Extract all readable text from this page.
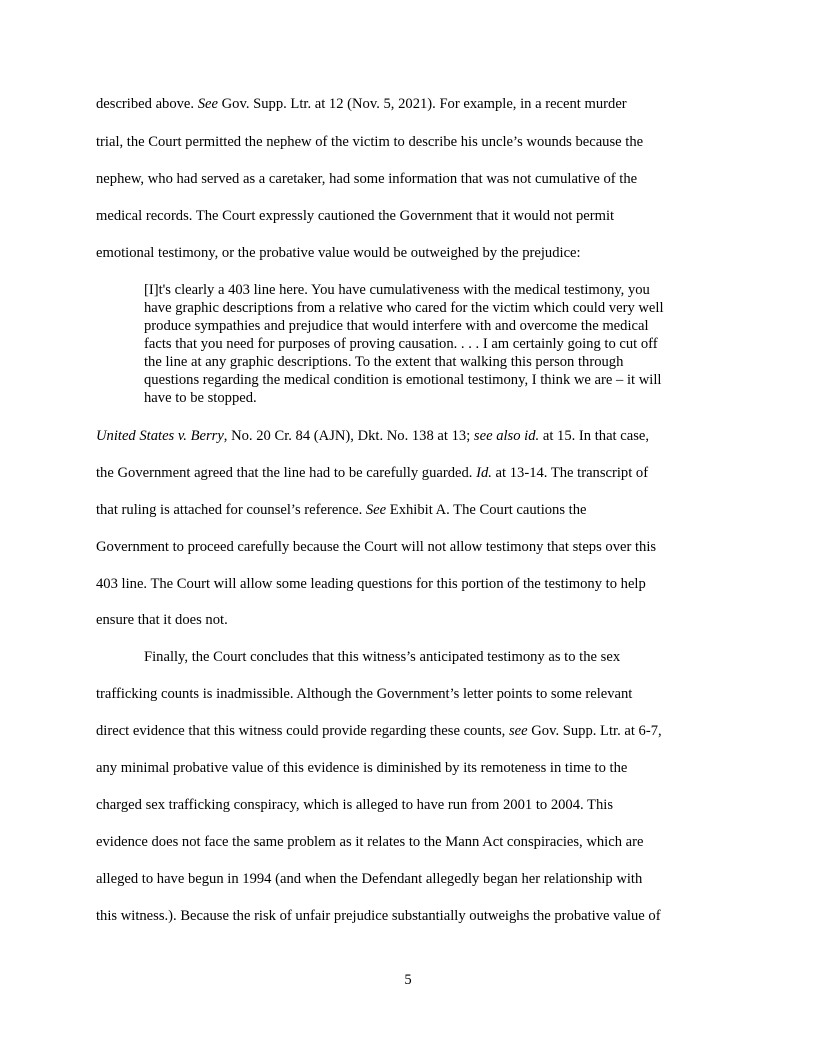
described above. See Gov. Supp. Ltr. at 12 (Nov. 5, 2021). For example, in a recent murder
trial, the Court permitted the nephew of the victim to describe his uncle’s wounds because the
nephew, who had served as a caretaker, had some information that was not cumulative of the
medical records. The Court expressly cautioned the Government that it would not permit
emotional testimony, or the probative value would be outweighed by the prejudice:
[I]t's clearly a 403 line here. You have cumulativeness with the medical testimony, you
have graphic descriptions from a relative who cared for the victim which could very well
produce sympathies and prejudice that would interfere with and overcome the medical
facts that you need for purposes of proving causation. . . . I am certainly going to cut off
the line at any graphic descriptions. To the extent that walking this person through
questions regarding the medical condition is emotional testimony, I think we are – it will
have to be stopped.
United States v. Berry, No. 20 Cr. 84 (AJN), Dkt. No. 138 at 13; see also id. at 15. In that case,
the Government agreed that the line had to be carefully guarded. Id. at 13-14. The transcript of
that ruling is attached for counsel’s reference. See Exhibit A. The Court cautions the
Government to proceed carefully because the Court will not allow testimony that steps over this
403 line. The Court will allow some leading questions for this portion of the testimony to help
ensure that it does not.
Finally, the Court concludes that this witness’s anticipated testimony as to the sex
trafficking counts is inadmissible. Although the Government’s letter points to some relevant
direct evidence that this witness could provide regarding these counts, see Gov. Supp. Ltr. at 6-7,
any minimal probative value of this evidence is diminished by its remoteness in time to the
charged sex trafficking conspiracy, which is alleged to have run from 2001 to 2004. This
evidence does not face the same problem as it relates to the Mann Act conspiracies, which are
alleged to have begun in 1994 (and when the Defendant allegedly began her relationship with
this witness.). Because the risk of unfair prejudice substantially outweighs the probative value of
5
